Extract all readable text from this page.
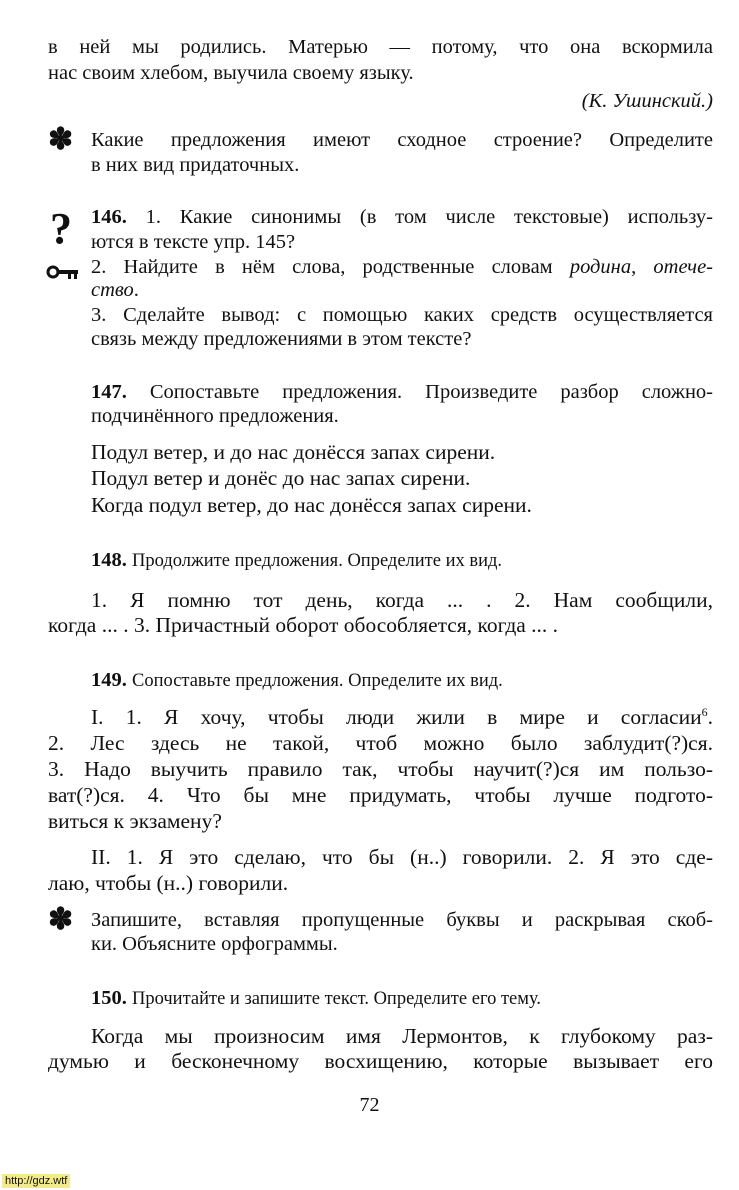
в ней мы родились. Матерью — потому, что она вскормила
нас своим хлебом, выучила своему языку.
(К. Ушинский.)
✽ Какие предложения имеют сходное строение? Определите
в них вид придаточных.
? 146. 1. Какие синонимы (в том числе текстовые) использу-
ются в тексте упр. 145?
2. Найдите в нём слова, родственные словам родина, отече-
ство.
3. Сделайте вывод: с помощью каких средств осуществляется
связь между предложениями в этом тексте?
147. Сопоставьте предложения. Произведите разбор сложно-
подчинённого предложения.
Подул ветер, и до нас донёсся запах сирени.
Подул ветер и донёс до нас запах сирени.
Когда подул ветер, до нас донёсся запах сирени.
148. Продолжите предложения. Определите их вид.
1. Я помню тот день, когда ... . 2. Нам сообщили,
когда ... . 3. Причастный оборот обособляется, когда ... .
149. Сопоставьте предложения. Определите их вид.
I. 1. Я хочу, чтобы люди жили в мире и согласии$^6$.
2. Лес здесь не такой, чтоб можно было заблудит(?)ся.
3. Надо выучить правило так, чтобы научит(?)ся им пользо-
ват(?)ся. 4. Что бы мне придумать, чтобы лучше подгото-
виться к экзамену?
II. 1. Я это сделаю, что бы (н..) говорили. 2. Я это сде-
лаю, чтобы (н..) говорили.
✽ Запишите, вставляя пропущенные буквы и раскрывая скоб-
ки. Объясните орфограммы.
150. Прочитайте и запишите текст. Определите его тему.
Когда мы произносим имя Лермонтов, к глубокому раз-
думью и бесконечному восхищению, которые вызывает его
72
http://gdz.wtf
